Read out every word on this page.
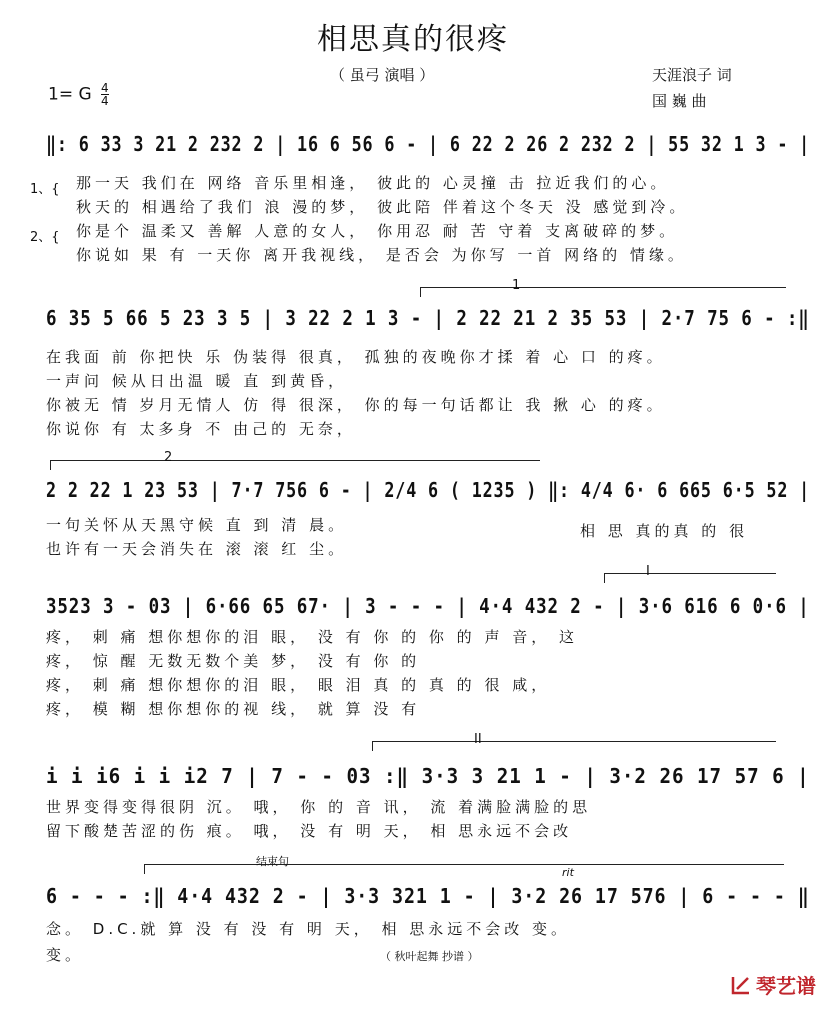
相思真的很疼
（ 虽弓 演唱 ）
1= G $\frac{4}{4}$
天涯浪子 词
国 巍 曲
‖: 6 33 3 21 2 232 2 | 16 6 56 6 - | 6 22 2 26 2 232 2 | 55 32 1 3 - |
1、{
2、{
那一天 我们在 网络 音乐里相逢， 彼此的 心灵撞 击 拉近我们的心。
秋天的 相遇给了我们 浪 漫的梦， 彼此陪 伴着这个冬天 没 感觉到冷。
你是个 温柔又 善解 人意的女人， 你用忍 耐 苦 守着 支离破碎的梦。
你说如 果 有 一天你 离开我视线， 是否会 为你写 一首 网络的 情缘。
1
6 35 5 66 5 23 3 5 | 3 22 2 1 3 - | 2 22 21 2 35 53 | 2·7 75 6 - :‖
在我面 前 你把快 乐 伪装得 很真， 孤独的夜晚你才揉 着 心 口 的疼。
一声问 候从日出温 暖 直 到黄昏，
你被无 情 岁月无情人 仿 得 很深， 你的每一句话都让 我 揪 心 的疼。
你说你 有 太多身 不 由己的 无奈，
2
2 2 22 1 23 53 | 7·7 756 6 - | 2/4 6 ( 1235 ) ‖: 4/4 6· 6 665 6·5 52 |
一句关怀从天黑守候 直 到 清 晨。
也许有一天会消失在 滚 滚 红 尘。
相 思 真的真 的 很
I
3523 3 - 03 | 6·66 65 67· | 3 - - - | 4·4 432 2 - | 3·6 616 6 0·6 |
疼， 刺 痛 想你想你的泪 眼， 没 有 你 的 你 的 声 音， 这
疼， 惊 醒 无数无数个美 梦， 没 有 你 的
疼， 刺 痛 想你想你的泪 眼， 眼 泪 真 的 真 的 很 咸，
疼， 模 糊 想你想你的视 线， 就 算 没 有
II
i i i6 i i i2 7 | 7 - - 03 :‖ 3·3 3 21 1 - | 3·2 26 17 57 6 |
世界变得变得很阴 沉。 哦， 你 的 音 讯， 流 着满脸满脸的思
留下酸楚苦涩的伤 痕。 哦， 没 有 明 天， 相 思永远不会改
结束句
rit
6 - - - :‖ 4·4 432 2 - | 3·3 321 1 - | 3·2 26 17 576 | 6 - - - ‖
念。 D.C.就 算 没 有 没 有 明 天， 相 思永远不会改 变。
变。	（ 秋叶起舞 抄谱 ）
琴艺谱
